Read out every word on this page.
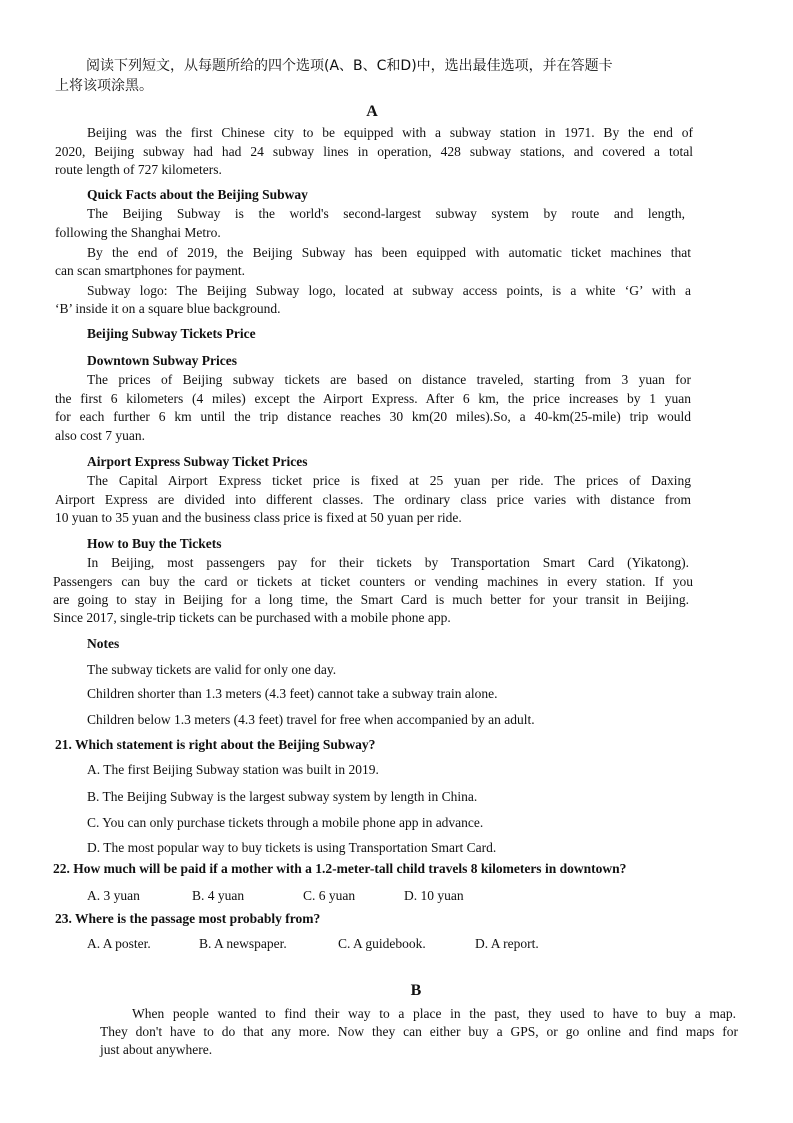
阅读下列短文，从每题所给的四个选项(A、B、C和D)中，选出最佳选项，并在答题卡

上将该项涂黑。

A

Beijing was the first Chinese city to be equipped with a subway station in 1971. By the end of

2020, Beijing subway had had 24 subway lines in operation, 428 subway stations, and covered a total

route length of 727 kilometers.

Quick Facts about the Beijing Subway

The Beijing Subway is the world's second-largest subway system by route and length,

following the Shanghai Metro.

By the end of 2019, the Beijing Subway has been equipped with automatic ticket machines that

can scan smartphones for payment.

Subway logo: The Beijing Subway logo, located at subway access points, is a white ‘G’ with a

‘B’ inside it on a square blue background.

Beijing Subway Tickets Price

Downtown Subway Prices

The prices of Beijing subway tickets are based on distance traveled, starting from 3 yuan for

the first 6 kilometers (4 miles) except the Airport Express. After 6 km, the price increases by 1 yuan

for each further 6 km until the trip distance reaches 30 km(20 miles).So, a 40-km(25-mile) trip would

also cost 7 yuan.

Airport Express Subway Ticket Prices

The Capital Airport Express ticket price is fixed at 25 yuan per ride. The prices of Daxing

Airport Express are divided into different classes. The ordinary class price varies with distance from

10 yuan to 35 yuan and the business class price is fixed at 50 yuan per ride.

How to Buy the Tickets

In Beijing, most passengers pay for their tickets by Transportation Smart Card (Yikatong).

Passengers can buy the card or tickets at ticket counters or vending machines in every station. If you

are going to stay in Beijing for a long time, the Smart Card is much better for your transit in Beijing.

Since 2017, single-trip tickets can be purchased with a mobile phone app.

Notes

The subway tickets are valid for only one day.

Children shorter than 1.3 meters (4.3 feet) cannot take a subway train alone.

Children below 1.3 meters (4.3 feet) travel for free when accompanied by an adult.

21. Which statement is right about the Beijing Subway?

A. The first Beijing Subway station was built in 2019.

B. The Beijing Subway is the largest subway system by length in China.

C. You can only purchase tickets through a mobile phone app in advance.

D. The most popular way to buy tickets is using Transportation Smart Card.

22. How much will be paid if a mother with a 1.2-meter-tall child travels 8 kilometers in downtown?

A. 3 yuan	B. 4 yuan	C. 6 yuan	D. 10 yuan

23. Where is the passage most probably from?

A. A poster.	B. A newspaper.	C. A guidebook.	D. A report.

B

When people wanted to find their way to a place in the past, they used to have to buy a map.

They don't have to do that any more. Now they can either buy a GPS, or go online and find maps for

just about anywhere.
